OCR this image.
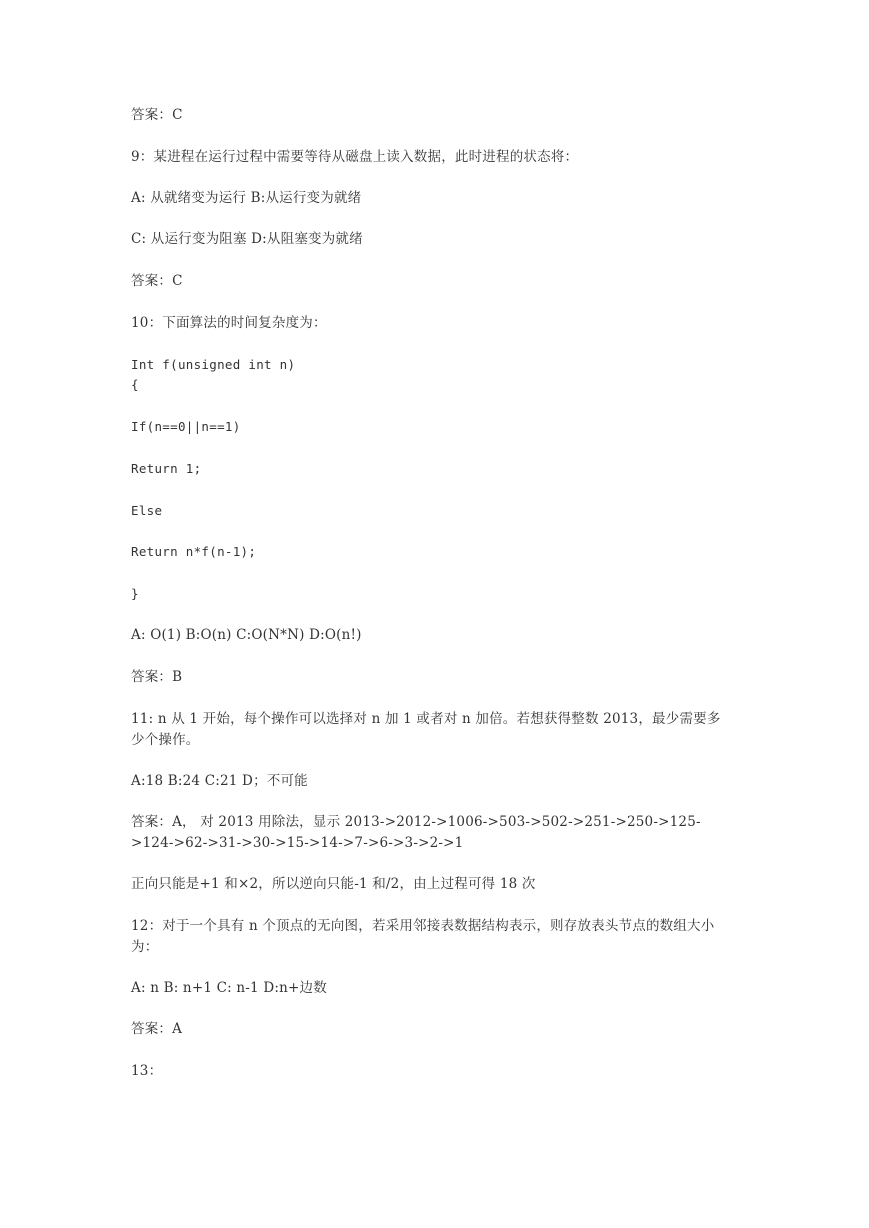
答案：C
9：某进程在运行过程中需要等待从磁盘上读入数据，此时进程的状态将：
A: 从就绪变为运行 B:从运行变为就绪
C: 从运行变为阻塞 D:从阻塞变为就绪
答案：C
10：下面算法的时间复杂度为：
Int f(unsigned int n)
{
If(n==0||n==1)
Return 1;
Else
Return n*f(n-1);
}
A: O(1) B:O(n) C:O(N*N) D:O(n!)
答案：B
11: n 从 1 开始，每个操作可以选择对 n 加 1 或者对 n 加倍。若想获得整数 2013，最少需要多少个操作。
A:18 B:24 C:21 D；不可能
答案：A， 对 2013 用除法，显示 2013->2012->1006->503->502->251->250->125->124->62->31->30->15->14->7->6->3->2->1
正向只能是+1 和×2，所以逆向只能-1 和/2，由上过程可得 18 次
12：对于一个具有 n 个顶点的无向图，若采用邻接表数据结构表示，则存放表头节点的数组大小为：
A: n B: n+1 C: n-1 D:n+边数
答案：A
13：
